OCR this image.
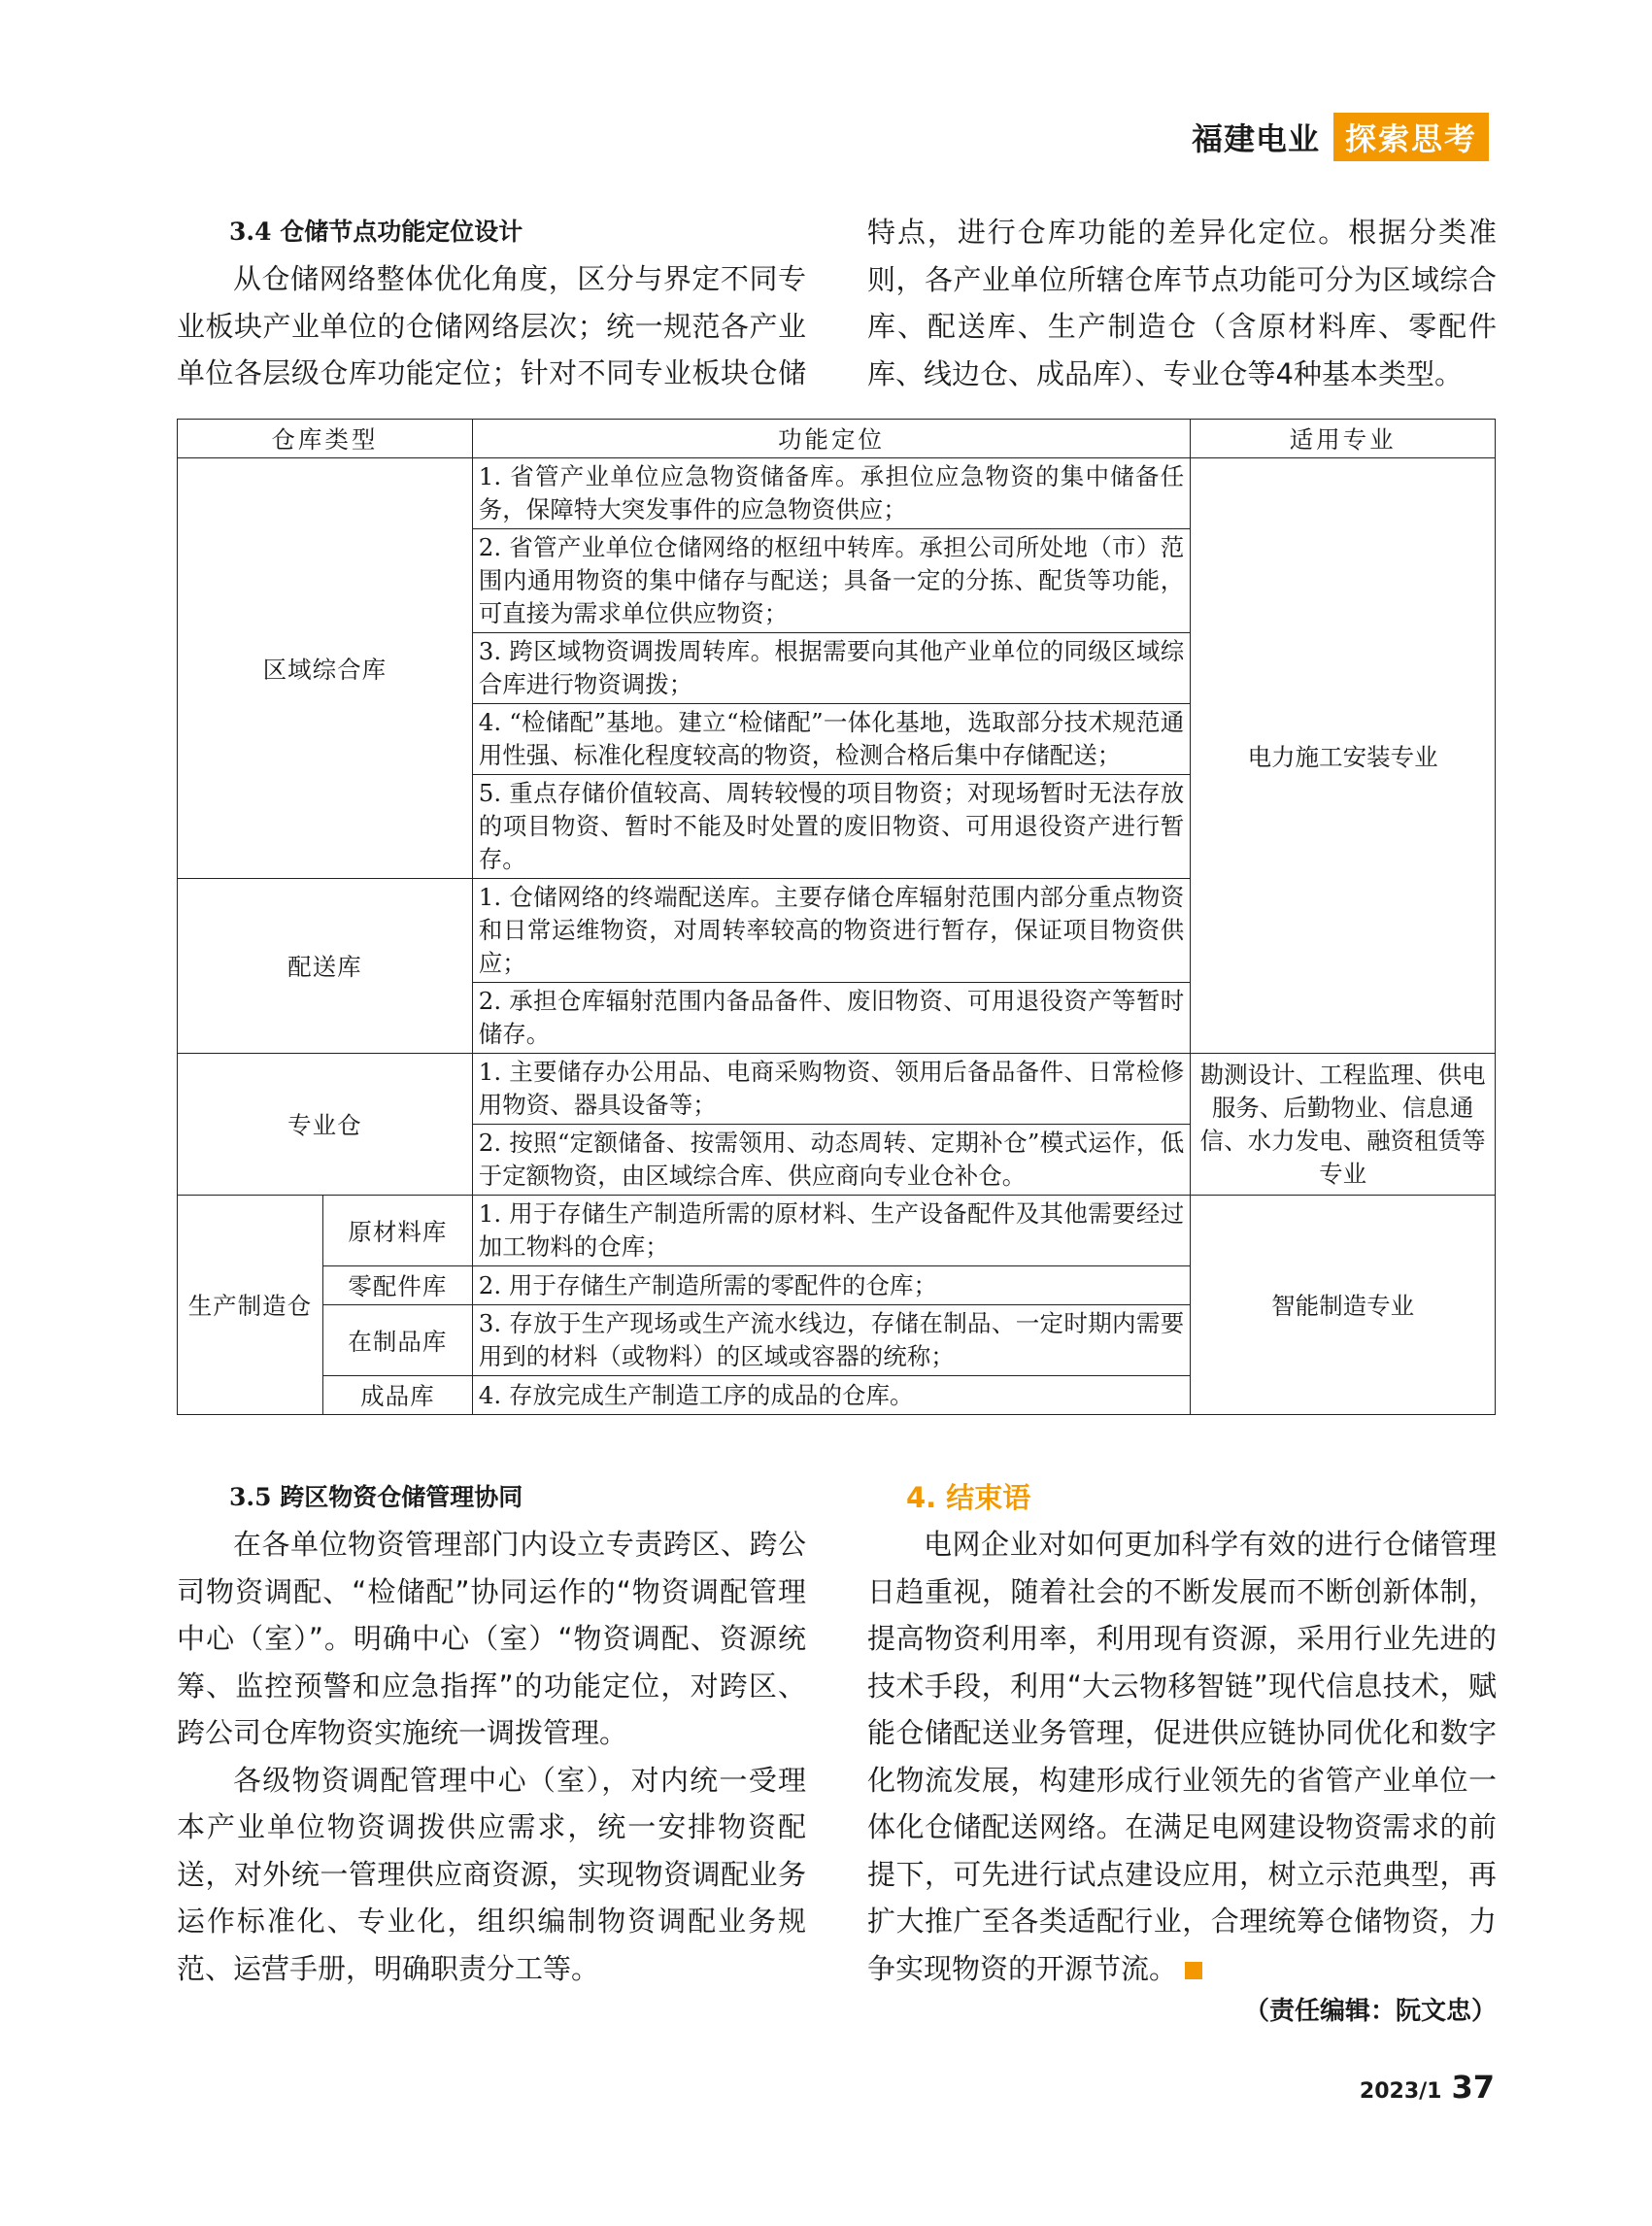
福建电业 探索思考
3.4 仓储节点功能定位设计

从仓储网络整体优化角度，区分与界定不同专业板块产业单位的仓储网络层次；统一规范各产业单位各层级仓库功能定位；针对不同专业板块仓储

特点，进行仓库功能的差异化定位。根据分类准则，各产业单位所辖仓库节点功能可分为区域综合库、配送库、生产制造仓（含原材料库、零配件库、线边仓、成品库）、专业仓等4种基本类型。

仓库类型		功能定位	适用专业
区域综合库		1. 省管产业单位应急物资储备库。承担位应急物资的集中储备任务，保障特大突发事件的应急物资供应；	电力施工安装专业
		2. 省管产业单位仓储网络的枢纽中转库。承担公司所处地（市）范围内通用物资的集中储存与配送；具备一定的分拣、配货等功能，可直接为需求单位供应物资；	
		3. 跨区域物资调拨周转库。根据需要向其他产业单位的同级区域综合库进行物资调拨；	
		4. “检储配”基地。建立“检储配”一体化基地，选取部分技术规范通用性强、标准化程度较高的物资，检测合格后集中存储配送；	
		5. 重点存储价值较高、周转较慢的项目物资；对现场暂时无法存放的项目物资、暂时不能及时处置的废旧物资、可用退役资产进行暂存。	
配送库		1. 仓储网络的终端配送库。主要存储仓库辐射范围内部分重点物资和日常运维物资，对周转率较高的物资进行暂存，保证项目物资供应；	
		2. 承担仓库辐射范围内备品备件、废旧物资、可用退役资产等暂时储存。	
专业仓		1. 主要储存办公用品、电商采购物资、领用后备品备件、日常检修用物资、器具设备等；	勘测设计、工程监理、供电服务、后勤物业、信息通信、水力发电、融资租赁等专业
		2. 按照“定额储备、按需领用、动态周转、定期补仓”模式运作，低于定额物资，由区域综合库、供应商向专业仓补仓。	
生产制造仓	原材料库	1. 用于存储生产制造所需的原材料、生产设备配件及其他需要经过加工物料的仓库；	智能制造专业
	零配件库	2. 用于存储生产制造所需的零配件的仓库；	
	在制品库	3. 存放于生产现场或生产流水线边，存储在制品、一定时期内需要用到的材料（或物料）的区域或容器的统称；	
	成品库	4. 存放完成生产制造工序的成品的仓库。	
3.5 跨区物资仓储管理协同

在各单位物资管理部门内设立专责跨区、跨公司物资调配、“检储配”协同运作的“物资调配管理中心（室）”。明确中心（室）“物资调配、资源统筹、监控预警和应急指挥”的功能定位，对跨区、跨公司仓库物资实施统一调拨管理。

各级物资调配管理中心（室），对内统一受理本产业单位物资调拨供应需求，统一安排物资配送，对外统一管理供应商资源，实现物资调配业务运作标准化、专业化，组织编制物资调配业务规范、运营手册，明确职责分工等。

4. 结束语

电网企业对如何更加科学有效的进行仓储管理日趋重视，随着社会的不断发展而不断创新体制，提高物资利用率，利用现有资源，采用行业先进的技术手段，利用“大云物移智链”现代信息技术，赋能仓储配送业务管理，促进供应链协同优化和数字化物流发展，构建形成行业领先的省管产业单位一体化仓储配送网络。在满足电网建设物资需求的前提下，可先进行试点建设应用，树立示范典型，再扩大推广至各类适配行业，合理统筹仓储物资，力争实现物资的开源节流。

（责任编辑：阮文忠）
2023/1 37
